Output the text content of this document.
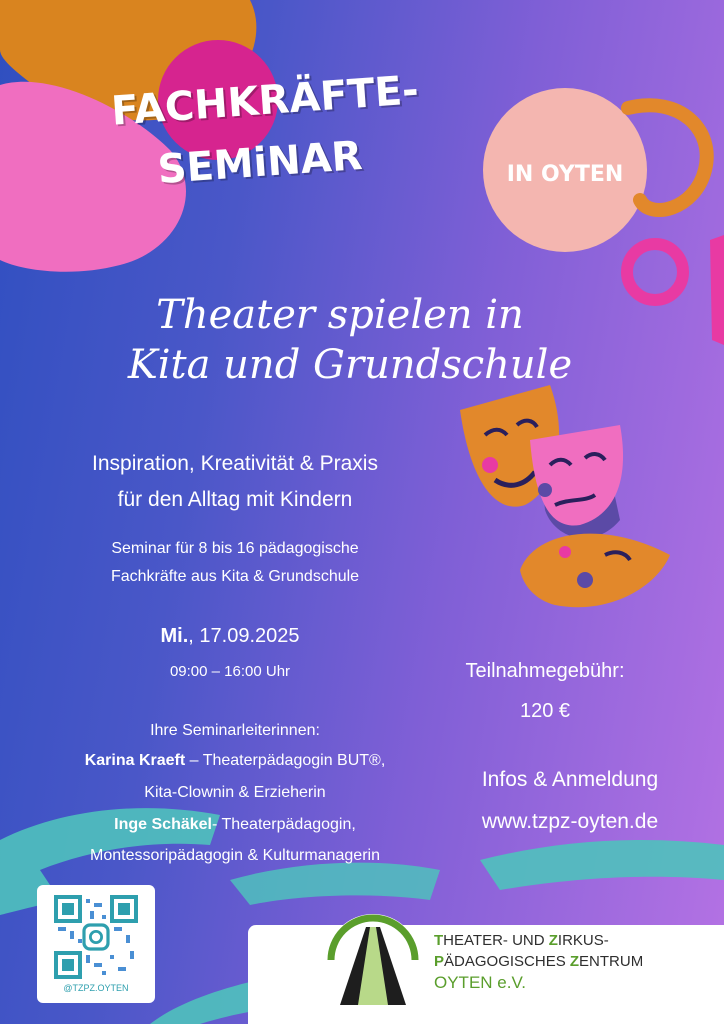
FACHKRÄFTE-
SEMiNAR	IN OYTEN
Theater spielen in
Kita und Grundschule
Inspiration, Kreativität & Praxis
für den Alltag mit Kindern
Seminar für 8 bis 16 pädagogische
Fachkräfte aus Kita & Grundschule
Mi., 17.09.2025
09:00 – 16:00 Uhr	Teilnahmegebühr:
120 €
Ihre Seminarleiterinnen:
Karina Kraeft – Theaterpädagogin BUT®,
Kita-Clownin & Erzieherin
Inge Schäkel- Theaterpädagogin,
Montessoripädagogin & Kulturmanagerin
Infos & Anmeldung
www.tzpz-oyten.de
@TZPZ.OYTEN
THEATER- UND ZIRKUS-
PÄDAGOGISCHES ZENTRUM
OYTEN e.V.
